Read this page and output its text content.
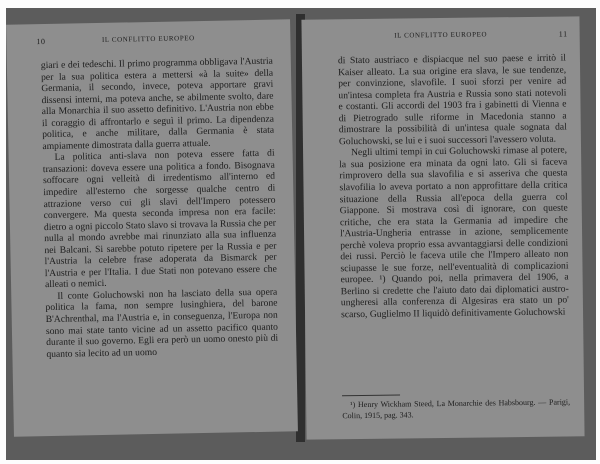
10	IL CONFLITTO EUROPEO

giari e dei tedeschi. Il primo programma obbligava l'Austria per la sua politica estera a mettersi «à la suite» della Germania, il secondo, invece, poteva apportare gravi dissensi interni, ma poteva anche, se abilmente svolto, dare alla Monarchia il suo assetto definitivo. L'Austria non ebbe il coraggio di affrontarlo e seguì il primo. La dipendenza politica, e anche militare, dalla Germania è stata ampiamente dimostrata dalla guerra attuale.

La politica anti-slava non poteva essere fatta di transazioni: doveva essere una politica a fondo. Bisognava soffocare ogni velleità di irredentismo all'interno ed impedire all'esterno che sorgesse qualche centro di attrazione verso cui gli slavi dell'Impero potessero convergere. Ma questa seconda impresa non era facile: dietro a ogni piccolo Stato slavo si trovava la Russia che per nulla al mondo avrebbe mai rinunziato alla sua influenza nei Balcani. Si sarebbe potuto ripetere per la Russia e per l'Austria la celebre frase adoperata da Bismarck per l'Austria e per l'Italia. I due Stati non potevano essere che alleati o nemici.

Il conte Goluchowski non ha lasciato della sua opera politica la fama, non sempre lusinghiera, del barone B'Achrenthal, ma l'Austria e, in conseguenza, l'Europa non sono mai state tanto vicine ad un assetto pacifico quanto durante il suo governo. Egli era però un uomo onesto più di quanto sia lecito ad un uomo

IL CONFLITTO EUROPEO	11

di Stato austriaco e dispiacque nel suo paese e irritò il Kaiser alleato. La sua origine era slava, le sue tendenze, per convinzione, slavofile. I suoi sforzi per venire ad un'intesa completa fra Austria e Russia sono stati notevoli e costanti. Gli accordi del 1903 fra i gabinetti di Vienna e di Pietrogrado sulle riforme in Macedonia stanno a dimostrare la possibilità di un'intesa quale sognata dal Goluchowski, se lui e i suoi successori l'avessero voluta.

Negli ultimi tempi in cui Goluchowski rimase al potere, la sua posizione era minata da ogni lato. Gli si faceva rimprovero della sua slavofilia e si asseriva che questa slavofilia lo aveva portato a non approfittare della critica situazione della Russia all'epoca della guerra col Giappone. Si mostrava così di ignorare, con queste critiche, che era stata la Germania ad impedire che l'Austria-Ungheria entrasse in azione, semplicemente perchè voleva proprio essa avvantaggiarsi delle condizioni dei russi. Perciò le faceva utile che l'Impero alleato non sciupasse le sue forze, nell'eventualità di complicazioni europee. ¹) Quando poi, nella primavera del 1906, a Berlino si credette che l'aiuto dato dai diplomatici austro-ungheresi alla conferenza di Algesiras era stato un po' scarso, Guglielmo II liquidò definitivamente Goluchowski

¹) Henry Wickham Steed, La Monarchie des Habsbourg. — Parigi, Colin, 1915, pag. 343.
